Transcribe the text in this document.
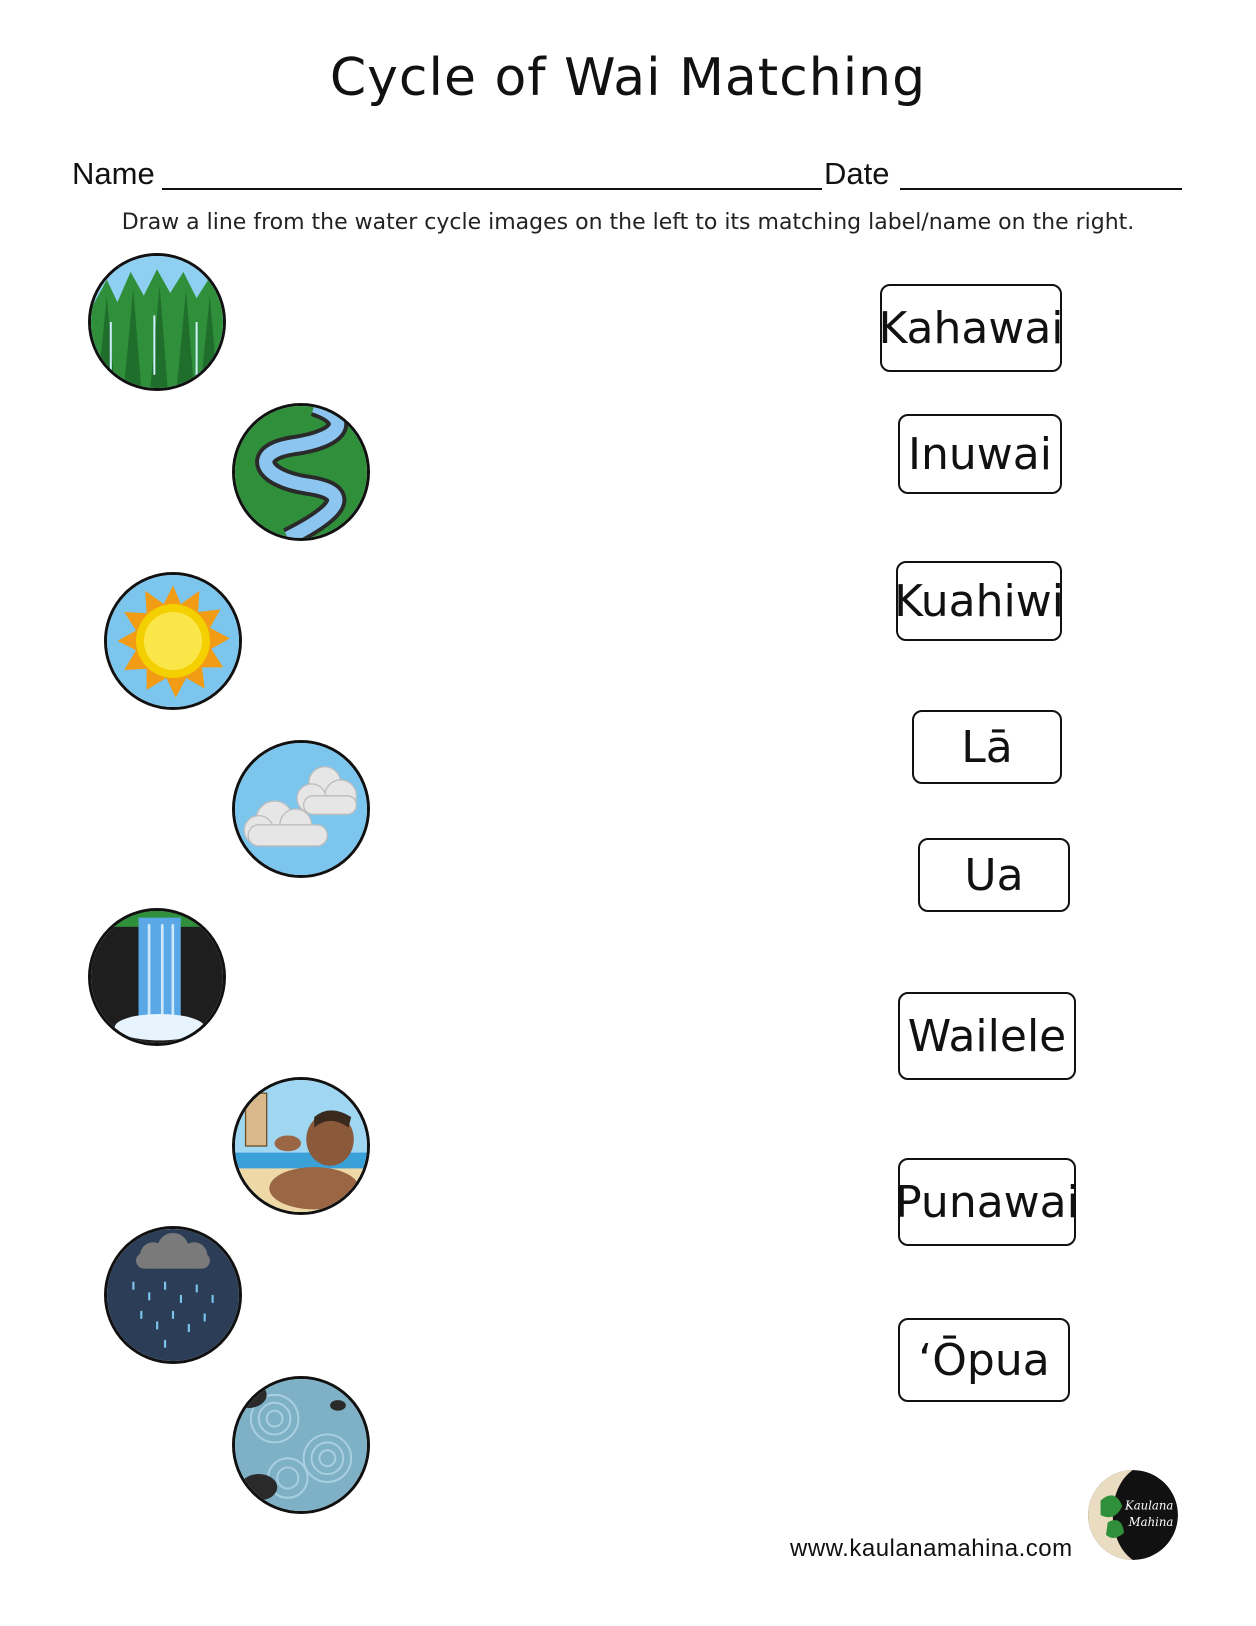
Cycle of Wai Matching
Name	Date
Draw a line from the water cycle images on the left to its matching label/name on the right.
Kahawai
Inuwai
Kuahiwi
Lā
Ua
Wailele
Punawai
ʻŌpua
Kaulana
Mahina
www.kaulanamahina.com
